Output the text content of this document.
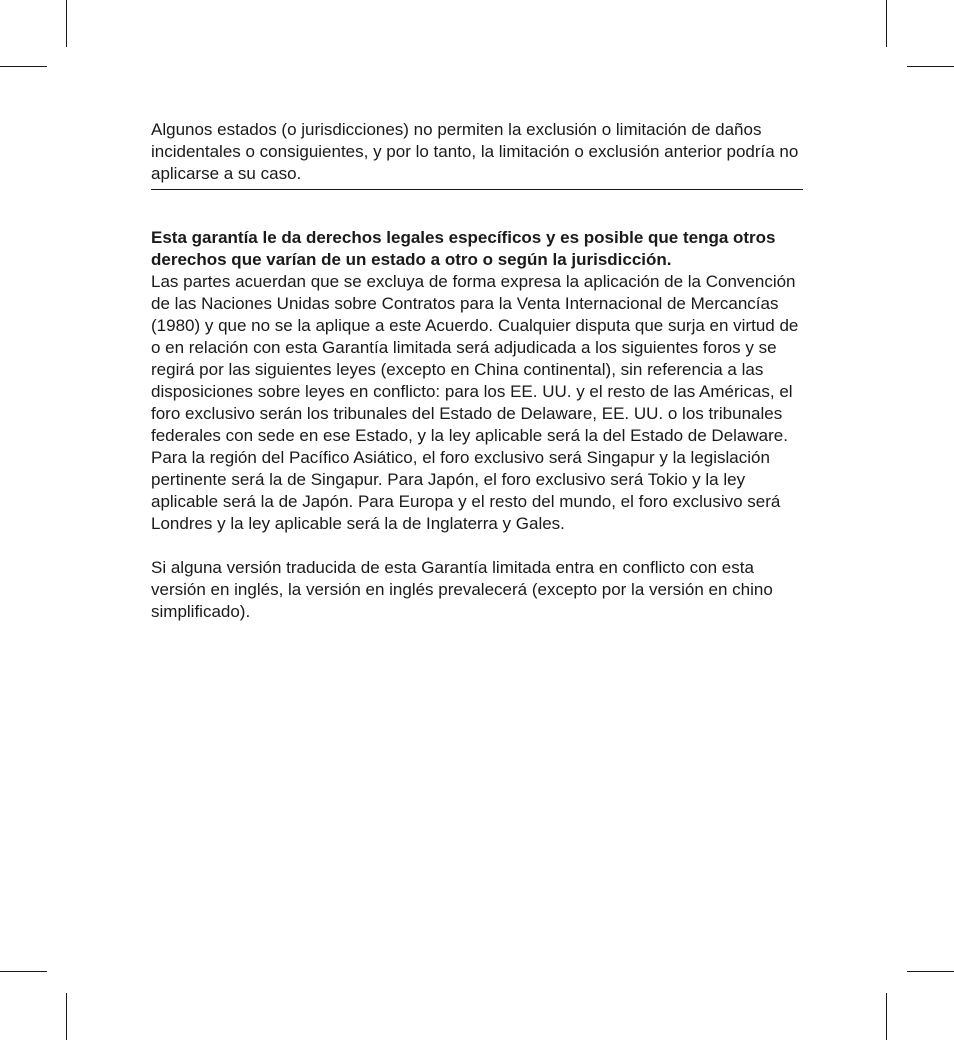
Algunos estados (o jurisdicciones) no permiten la exclusión o limitación de daños incidentales o consiguientes, y por lo tanto, la limitación o exclusión anterior podría no aplicarse a su caso.

Esta garantía le da derechos legales específicos y es posible que tenga otros derechos que varían de un estado a otro o según la jurisdicción.
Las partes acuerdan que se excluya de forma expresa la aplicación de la Convención de las Naciones Unidas sobre Contratos para la Venta Internacional de Mercancías (1980) y que no se la aplique a este Acuerdo. Cualquier disputa que surja en virtud de o en relación con esta Garantía limitada será adjudicada a los siguientes foros y se regirá por las siguientes leyes (excepto en China continental), sin referencia a las disposiciones sobre leyes en conflicto: para los EE. UU. y el resto de las Américas, el foro exclusivo serán los tribunales del Estado de Delaware, EE. UU. o los tribunales federales con sede en ese Estado, y la ley aplicable será la del Estado de Delaware. Para la región del Pacífico Asiático, el foro exclusivo será Singapur y la legislación pertinente será la de Singapur. Para Japón, el foro exclusivo será Tokio y la ley aplicable será la de Japón. Para Europa y el resto del mundo, el foro exclusivo será Londres y la ley aplicable será la de Inglaterra y Gales.

Si alguna versión traducida de esta Garantía limitada entra en conflicto con esta versión en inglés, la versión en inglés prevalecerá (excepto por la versión en chino simplificado).
